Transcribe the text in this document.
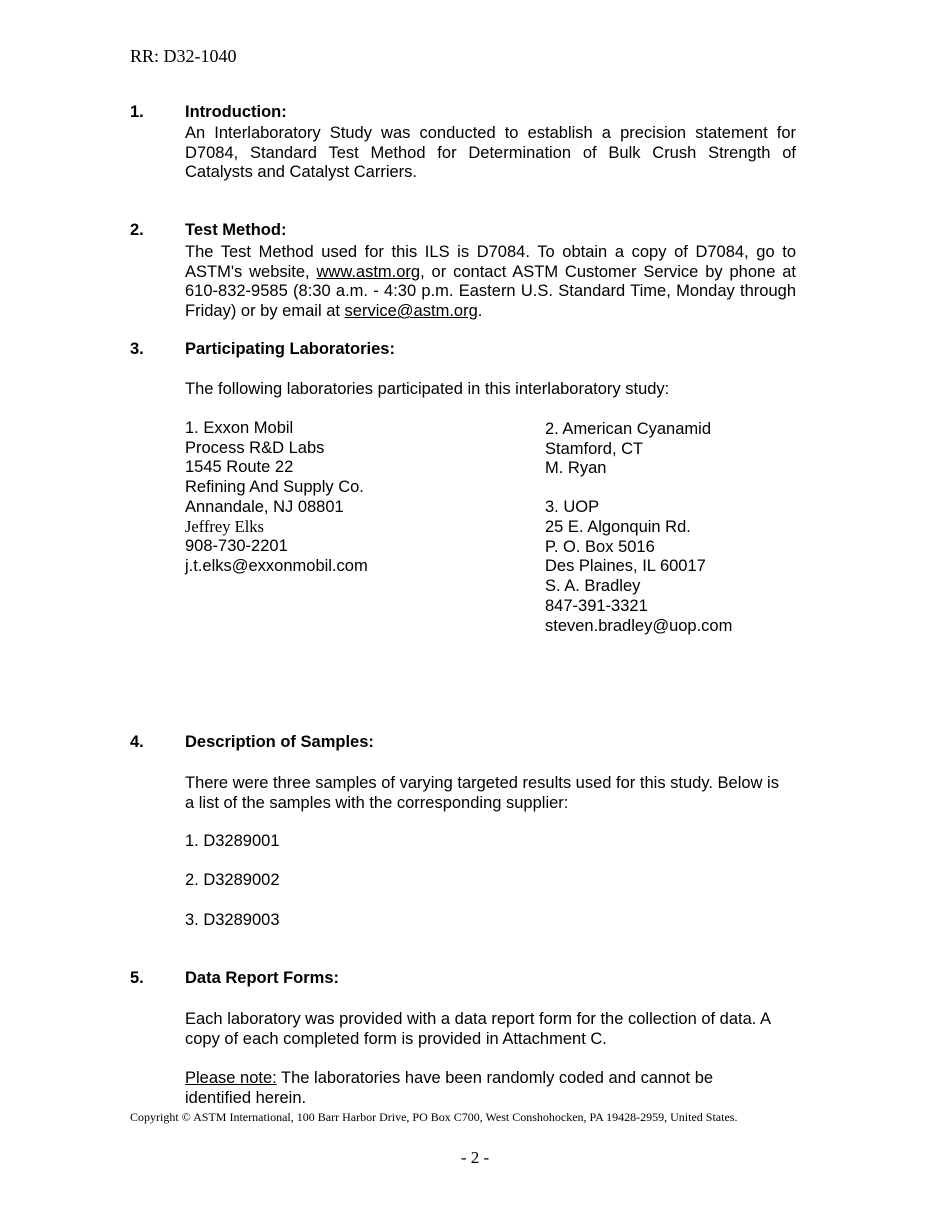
RR: D32-1040
1. Introduction:
An Interlaboratory Study was conducted to establish a precision statement for D7084, Standard Test Method for Determination of Bulk Crush Strength of Catalysts and Catalyst Carriers.
2. Test Method:
The Test Method used for this ILS is D7084. To obtain a copy of D7084, go to ASTM's website, www.astm.org, or contact ASTM Customer Service by phone at 610-832-9585 (8:30 a.m. - 4:30 p.m. Eastern U.S. Standard Time, Monday through Friday) or by email at service@astm.org.
3. Participating Laboratories:
The following laboratories participated in this interlaboratory study:
1. Exxon Mobil
Process R&D Labs
1545 Route 22
Refining And Supply Co.
Annandale, NJ 08801
Jeffrey Elks
908-730-2201
j.t.elks@exxonmobil.com
2. American Cyanamid
Stamford, CT
M. Ryan
3. UOP
25 E. Algonquin Rd.
P. O. Box 5016
Des Plaines, IL 60017
S. A. Bradley
847-391-3321
steven.bradley@uop.com
4. Description of Samples:
There were three samples of varying targeted results used for this study. Below is a list of the samples with the corresponding supplier:
1. D3289001
2. D3289002
3. D3289003
5. Data Report Forms:
Each laboratory was provided with a data report form for the collection of data. A copy of each completed form is provided in Attachment C.
Please note: The laboratories have been randomly coded and cannot be identified herein.
Copyright © ASTM International, 100 Barr Harbor Drive, PO Box C700, West Conshohocken, PA 19428-2959, United States.
- 2 -
